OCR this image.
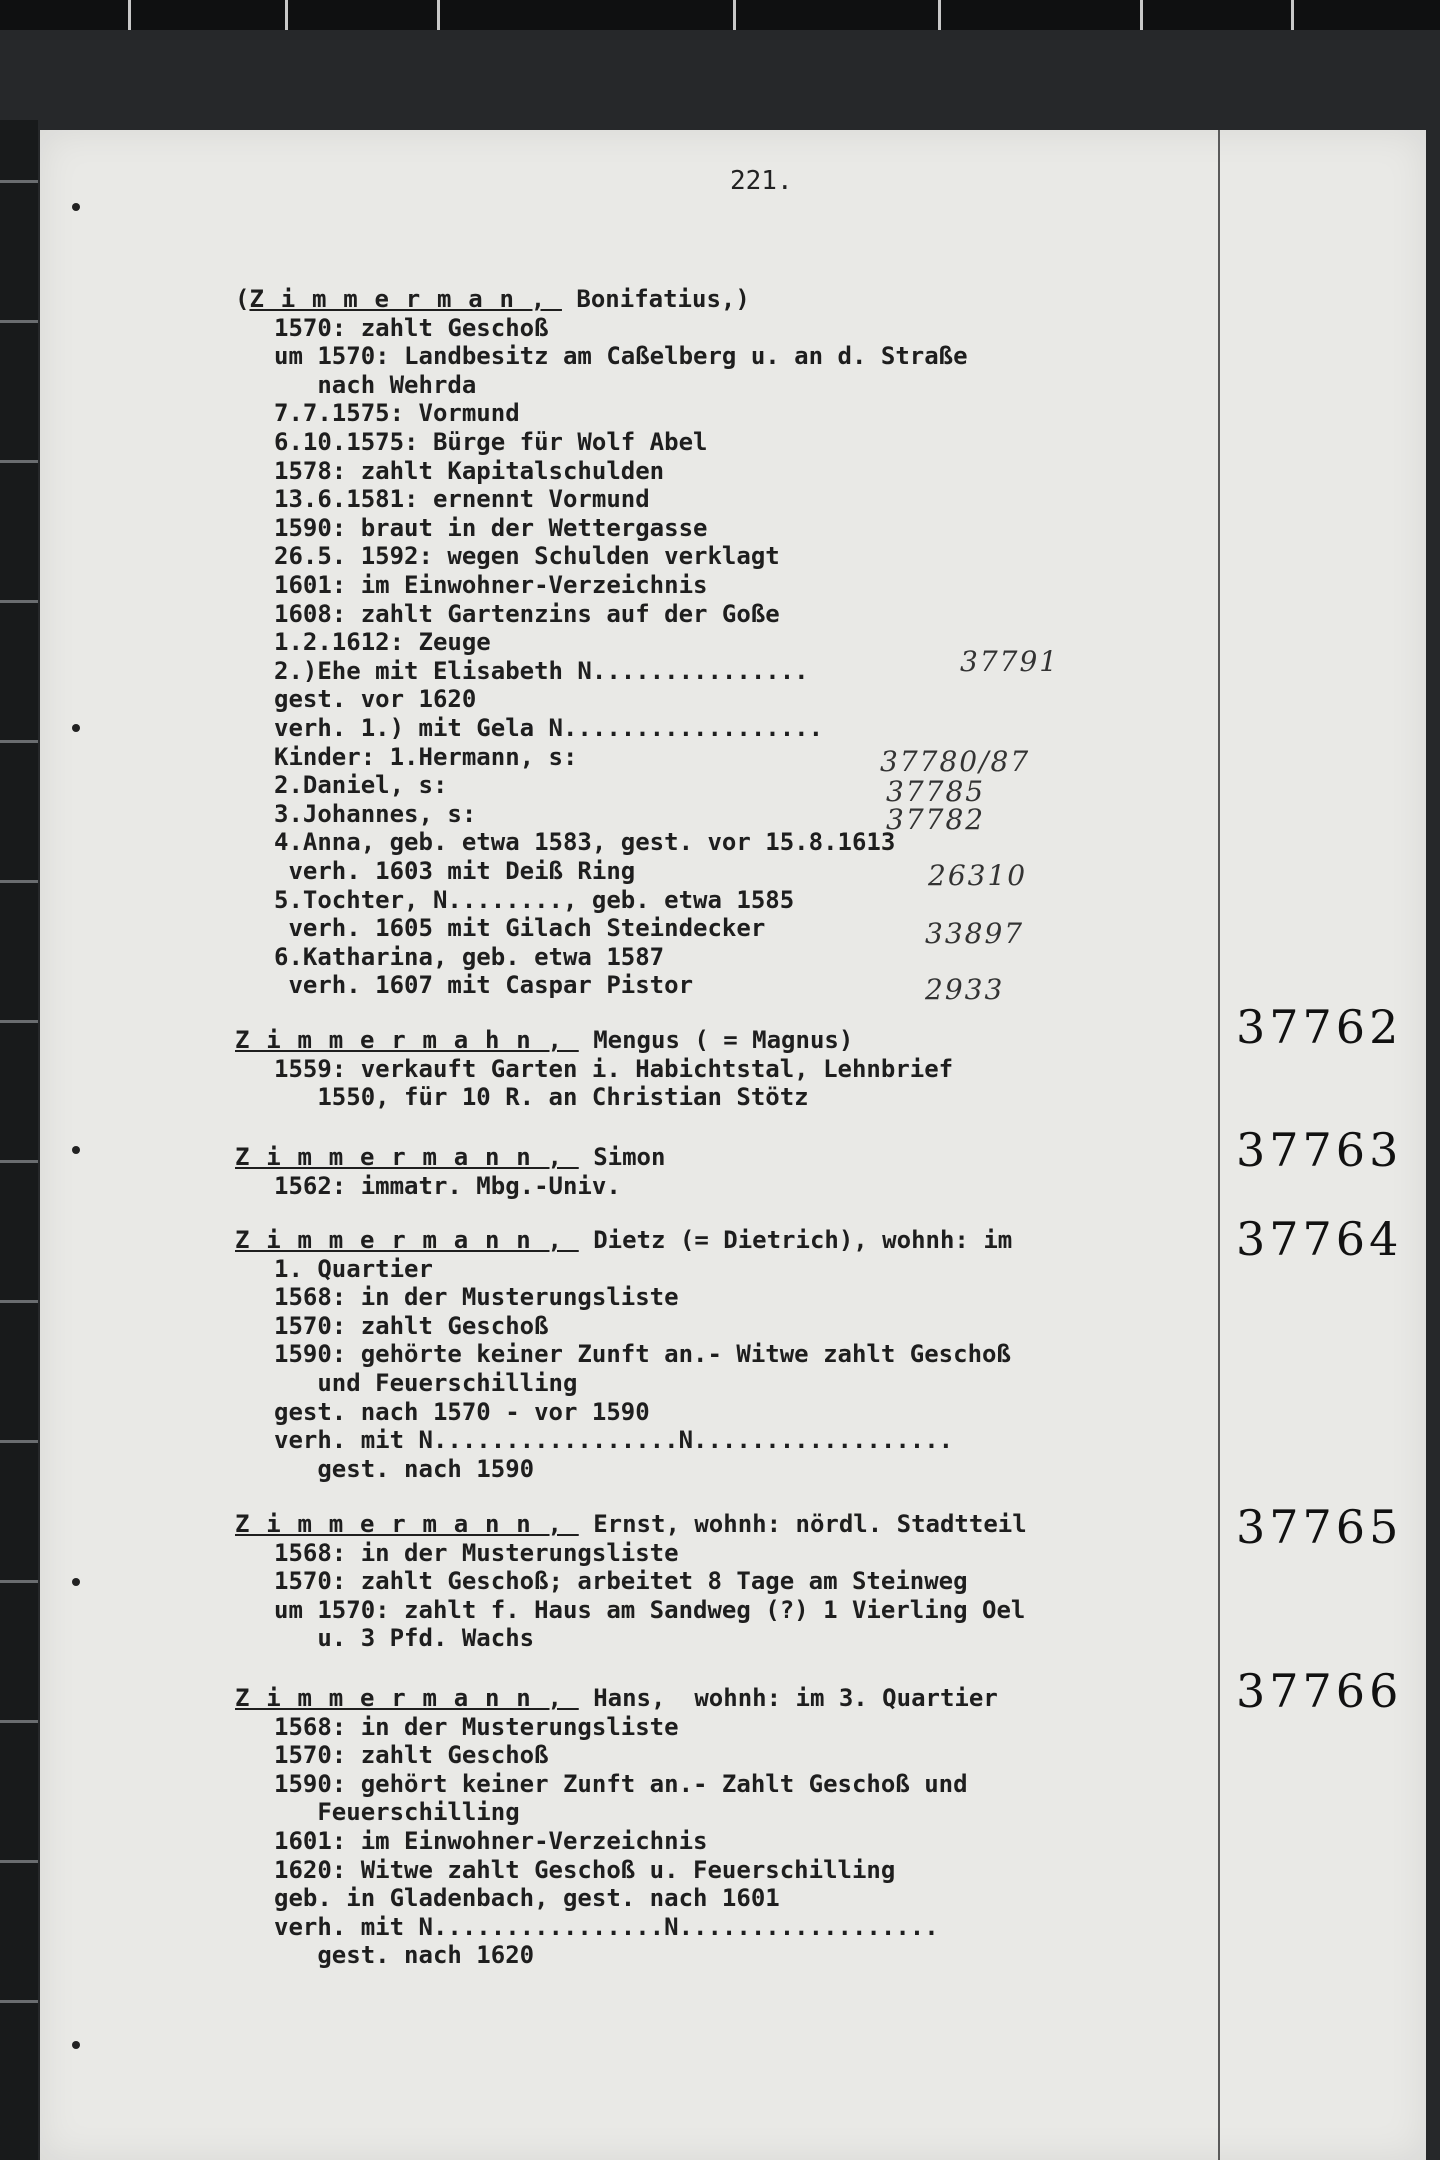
221.
(Zimmerman, Bonifatius,)
1570: zahlt Geschoß
um 1570: Landbesitz am Caßelberg u. an d. Straße
nach Wehrda
7.7.1575: Vormund
6.10.1575: Bürge für Wolf Abel
1578: zahlt Kapitalschulden
13.6.1581: ernennt Vormund
1590: braut in der Wettergasse
26.5. 1592: wegen Schulden verklagt
1601: im Einwohner-Verzeichnis
1608: zahlt Gartenzins auf der Goße
1.2.1612: Zeuge
2.)Ehe mit Elisabeth N...............
gest. vor 1620
verh. 1.) mit Gela N..................
Kinder: 1.Hermann, s:
2.Daniel, s:
3.Johannes, s:
4.Anna, geb. etwa 1583, gest. vor 15.8.1613
verh. 1603 mit Deiß Ring
5.Tochter, N........, geb. etwa 1585
verh. 1605 mit Gilach Steindecker
6.Katharina, geb. etwa 1587
verh. 1607 mit Caspar Pistor
37791
37780/87
37785
37782
26310
33897
2933
Zimmermahn, Mengus ( = Magnus)
1559: verkauft Garten i. Habichtstal, Lehnbrief
1550, für 10 R. an Christian Stötz
37762
Zimmermann, Simon
1562: immatr. Mbg.-Univ.
37763
Zimmermann, Dietz (= Dietrich), wohnh: im
1. Quartier
1568: in der Musterungsliste
1570: zahlt Geschoß
1590: gehörte keiner Zunft an.- Witwe zahlt Geschoß
und Feuerschilling
gest. nach 1570 - vor 1590
verh. mit N.................N..................
gest. nach 1590
37764
Zimmermann, Ernst, wohnh: nördl. Stadtteil
1568: in der Musterungsliste
1570: zahlt Geschoß; arbeitet 8 Tage am Steinweg
um 1570: zahlt f. Haus am Sandweg (?) 1 Vierling Oel
u. 3 Pfd. Wachs
37765
Zimmermann, Hans,  wohnh: im 3. Quartier
1568: in der Musterungsliste
1570: zahlt Geschoß
1590: gehört keiner Zunft an.- Zahlt Geschoß und
Feuerschilling
1601: im Einwohner-Verzeichnis
1620: Witwe zahlt Geschoß u. Feuerschilling
geb. in Gladenbach, gest. nach 1601
verh. mit N................N..................
gest. nach 1620
37766
